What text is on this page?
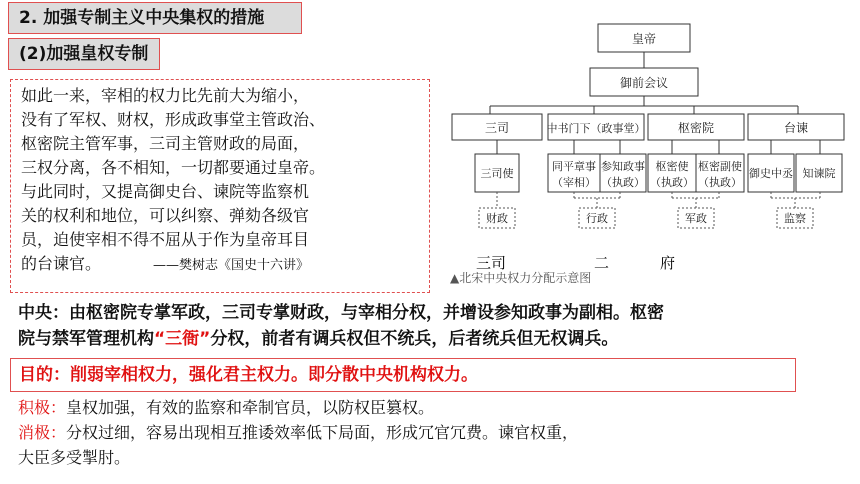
2. 加强专制主义中央集权的措施
(2)加强皇权专制
如此一来，宰相的权力比先前大为缩小，
没有了军权、财权，形成政事堂主管政治、
枢密院主管军事，三司主管财政的局面，
三权分离，各不相知，一切都要通过皇帝。
与此同时，又提高御史台、谏院等监察机
关的权利和地位，可以纠察、弹劾各级官
员，迫使宰相不得不屈从于作为皇帝耳目
的台谏官。	——樊树志《国史十六讲》
皇帝
御前会议
三司	中书门下（政事堂）	枢密院	台谏
三司使
同平章事
（宰相）
参知政事
（执政）
枢密使
（执政）
枢密副使
（执政）
御史中丞 知谏院
财政	行政	军政	监察
三司	二	府
▲北宋中央权力分配示意图
中央：由枢密院专掌军政，三司专掌财政，与宰相分权，并增设参知政事为副相。枢密
院与禁军管理机构“三衙”分权，前者有调兵权但不统兵，后者统兵但无权调兵。
目的：削弱宰相权力，强化君主权力。即分散中央机构权力。
积极：皇权加强，有效的监察和牵制官员，以防权臣篡权。
消极：分权过细，容易出现相互推诿效率低下局面，形成冗官冗费。谏官权重，
大臣多受掣肘。
